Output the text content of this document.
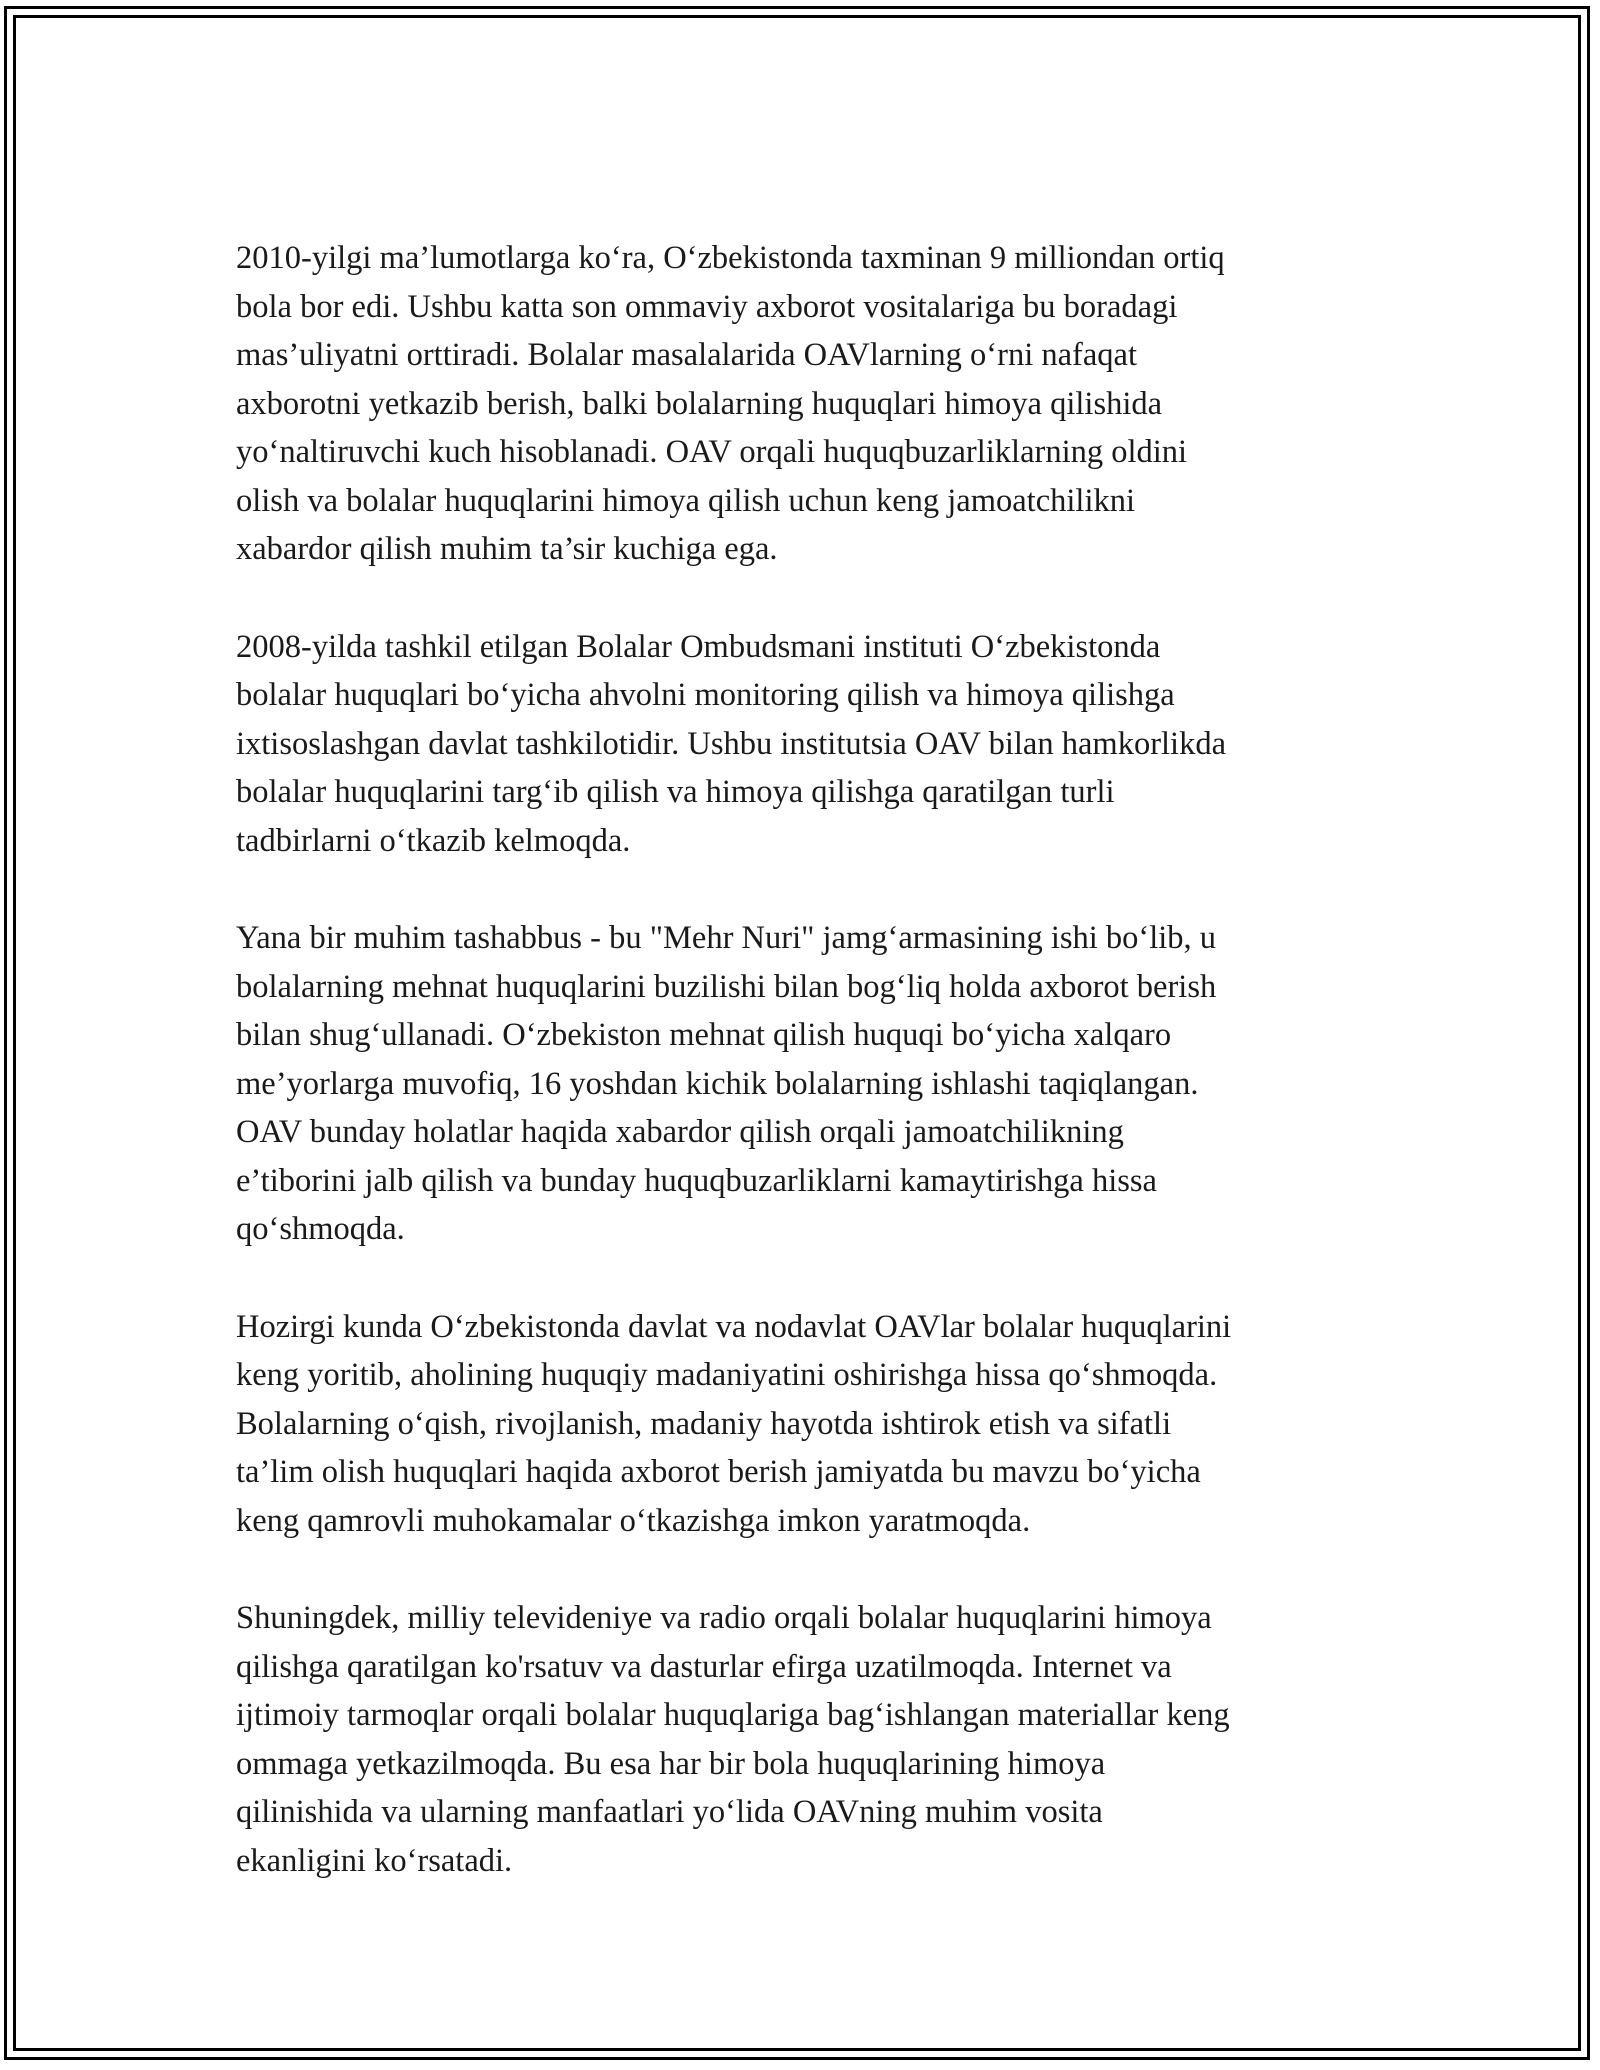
2010-yilgi ma’lumotlarga ko‘ra, O‘zbekistonda taxminan 9 milliondan ortiq
bola bor edi. Ushbu katta son ommaviy axborot vositalariga bu boradagi
mas’uliyatni orttiradi. Bolalar masalalarida OAVlarning o‘rni nafaqat
axborotni yetkazib berish, balki bolalarning huquqlari himoya qilishida
yo‘naltiruvchi kuch hisoblanadi. OAV orqali huquqbuzarliklarning oldini
olish va bolalar huquqlarini himoya qilish uchun keng jamoatchilikni
xabardor qilish muhim ta’sir kuchiga ega.

2008-yilda tashkil etilgan Bolalar Ombudsmani instituti O‘zbekistonda
bolalar huquqlari bo‘yicha ahvolni monitoring qilish va himoya qilishga
ixtisoslashgan davlat tashkilotidir. Ushbu institutsia OAV bilan hamkorlikda
bolalar huquqlarini targ‘ib qilish va himoya qilishga qaratilgan turli
tadbirlarni o‘tkazib kelmoqda.

Yana bir muhim tashabbus - bu "Mehr Nuri" jamg‘armasining ishi bo‘lib, u
bolalarning mehnat huquqlarini buzilishi bilan bog‘liq holda axborot berish
bilan shug‘ullanadi. O‘zbekiston mehnat qilish huquqi bo‘yicha xalqaro
me’yorlarga muvofiq, 16 yoshdan kichik bolalarning ishlashi taqiqlangan.
OAV bunday holatlar haqida xabardor qilish orqali jamoatchilikning
e’tiborini jalb qilish va bunday huquqbuzarliklarni kamaytirishga hissa
qo‘shmoqda.

Hozirgi kunda O‘zbekistonda davlat va nodavlat OAVlar bolalar huquqlarini
keng yoritib, aholining huquqiy madaniyatini oshirishga hissa qo‘shmoqda.
Bolalarning o‘qish, rivojlanish, madaniy hayotda ishtirok etish va sifatli
ta’lim olish huquqlari haqida axborot berish jamiyatda bu mavzu bo‘yicha
keng qamrovli muhokamalar o‘tkazishga imkon yaratmoqda.

Shuningdek, milliy televideniye va radio orqali bolalar huquqlarini himoya
qilishga qaratilgan ko'rsatuv va dasturlar efirga uzatilmoqda. Internet va
ijtimoiy tarmoqlar orqali bolalar huquqlariga bag‘ishlangan materiallar keng
ommaga yetkazilmoqda. Bu esa har bir bola huquqlarining himoya
qilinishida va ularning manfaatlari yo‘lida OAVning muhim vosita
ekanligini ko‘rsatadi.
